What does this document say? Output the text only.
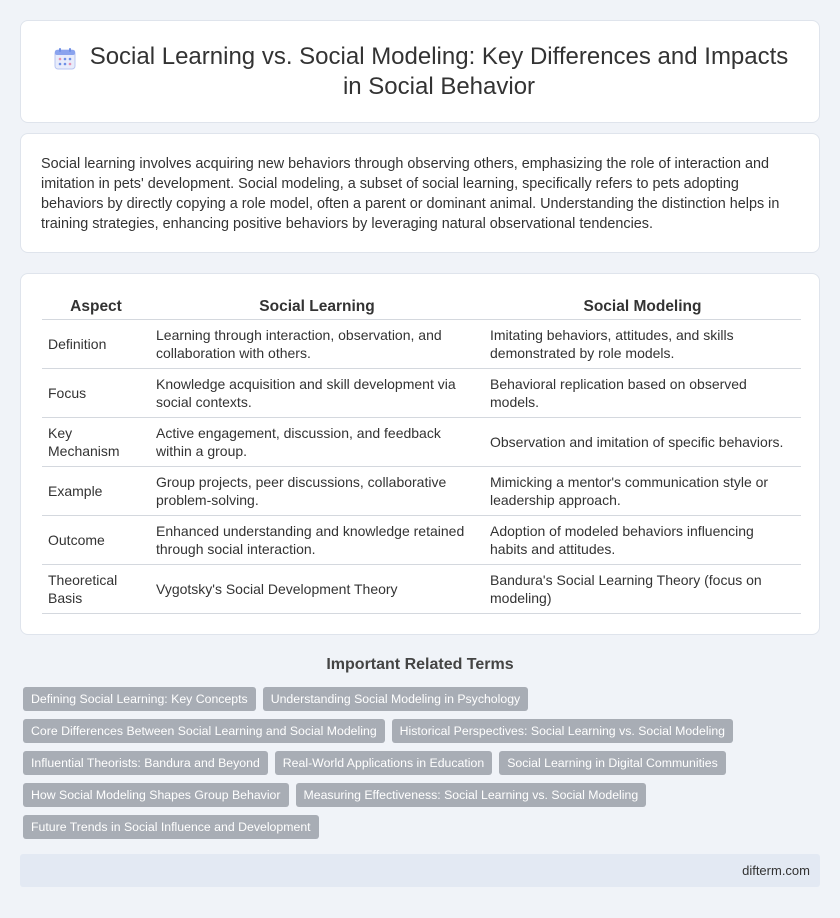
Social Learning vs. Social Modeling: Key Differences and Impacts in Social Behavior

Social learning involves acquiring new behaviors through observing others, emphasizing the role of interaction and imitation in pets' development. Social modeling, a subset of social learning, specifically refers to pets adopting behaviors by directly copying a role model, often a parent or dominant animal. Understanding the distinction helps in training strategies, enhancing positive behaviors by leveraging natural observational tendencies.

Aspect	Social Learning	Social Modeling
Definition	Learning through interaction, observation, and collaboration with others.	Imitating behaviors, attitudes, and skills demonstrated by role models.
Focus	Knowledge acquisition and skill development via social contexts.	Behavioral replication based on observed models.
Key Mechanism	Active engagement, discussion, and feedback within a group.	Observation and imitation of specific behaviors.
Example	Group projects, peer discussions, collaborative problem-solving.	Mimicking a mentor's communication style or leadership approach.
Outcome	Enhanced understanding and knowledge retained through social interaction.	Adoption of modeled behaviors influencing habits and attitudes.
Theoretical Basis	Vygotsky's Social Development Theory	Bandura's Social Learning Theory (focus on modeling)
Important Related Terms
Defining Social Learning: Key Concepts	Understanding Social Modeling in Psychology
Core Differences Between Social Learning and Social Modeling	Historical Perspectives: Social Learning vs. Social Modeling
Influential Theorists: Bandura and Beyond	Real-World Applications in Education	Social Learning in Digital Communities
How Social Modeling Shapes Group Behavior	Measuring Effectiveness: Social Learning vs. Social Modeling
Future Trends in Social Influence and Development
difterm.com
